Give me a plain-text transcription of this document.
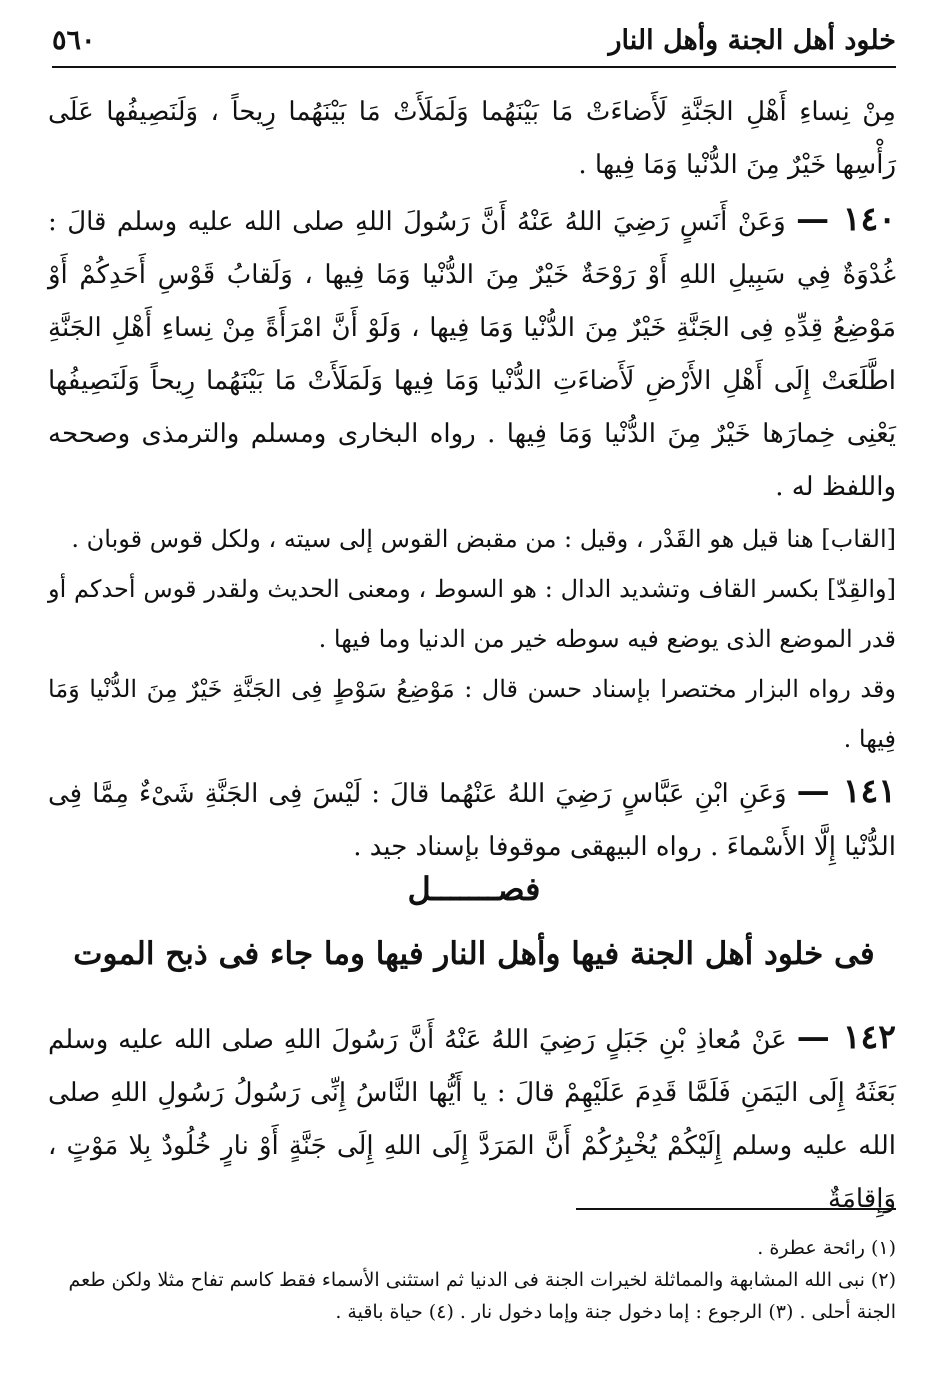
خلود أهل الجنة وأهل النار
٥٦٠

مِنْ نِساءِ أَهْلِ الجَنَّةِ لَأَضاءَتْ مَا بَيْنَهُما وَلَمَلَأَتْ مَا بَيْنَهُما رِيحاً ، وَلَنَصِيفُها عَلَى رَأْسِها خَيْرٌ مِنَ الدُّنْيا وَمَا فِيها .

١٤٠ — وَعَنْ أَنَسٍ رَضِيَ اللهُ عَنْهُ أَنَّ رَسُولَ اللهِ صلى الله عليه وسلم قالَ : غُدْوَةٌ فِي سَبِيلِ اللهِ أَوْ رَوْحَةٌ خَيْرٌ مِنَ الدُّنْيا وَمَا فِيها ، وَلَقابُ قَوْسِ أَحَدِكُمْ أَوْ مَوْضِعُ قِدِّهِ فِى الجَنَّةِ خَيْرٌ مِنَ الدُّنْيا وَمَا فِيها ، وَلَوْ أَنَّ امْرَأَةً مِنْ نِساءِ أَهْلِ الجَنَّةِ اطَّلَعَتْ إِلَى أَهْلِ الأَرْضِ لَأَضاءَتِ الدُّنْيا وَمَا فِيها وَلَمَلَأَتْ مَا بَيْنَهُما رِيحاً وَلَنَصِيفُها يَعْنِى خِمارَها خَيْرٌ مِنَ الدُّنْيا وَمَا فِيها . رواه البخارى ومسلم والترمذى وصححه واللفظ له .

[القاب] هنا قيل هو القَدْر ، وقيل : من مقبض القوس إلى سيته ، ولكل قوس قوبان .

[والقِدّ] بكسر القاف وتشديد الدال : هو السوط ، ومعنى الحديث ولقدر قوس أحدكم أو قدر الموضع الذى يوضع فيه سوطه خير من الدنيا وما فيها .

وقد رواه البزار مختصرا بإسناد حسن قال : مَوْضِعُ سَوْطٍ فِى الجَنَّةِ خَيْرٌ مِنَ الدُّنْيا وَمَا فِيها .

١٤١ — وَعَنِ ابْنِ عَبَّاسٍ رَضِيَ اللهُ عَنْهُما قالَ : لَيْسَ فِى الجَنَّةِ شَىْءٌ مِمَّا فِى الدُّنْيا إِلَّا الأَسْماءَ . رواه البيهقى موقوفا بإسناد جيد .

فصـــــــل
فى خلود أهل الجنة فيها وأهل النار فيها وما جاء فى ذبح الموت

١٤٢ — عَنْ مُعاذِ بْنِ جَبَلٍ رَضِيَ اللهُ عَنْهُ أَنَّ رَسُولَ اللهِ صلى الله عليه وسلم بَعَثَهُ إِلَى اليَمَنِ فَلَمَّا قَدِمَ عَلَيْهِمْ قالَ : يا أَيُّها النَّاسُ إِنِّى رَسُولُ رَسُولِ اللهِ صلى الله عليه وسلم إِلَيْكُمْ يُخْبِرُكُمْ أَنَّ المَرَدَّ إِلَى اللهِ إِلَى جَنَّةٍ أَوْ نارٍ خُلُودٌ بِلا مَوْتٍ ، وَإِقامَةٌ

(١) رائحة عطرة .

(٢) نبى الله المشابهة والمماثلة لخيرات الجنة فى الدنيا ثم استثنى الأسماء فقط كاسم تفاح مثلا ولكن طعم الجنة أحلى . (٣) الرجوع : إما دخول جنة وإما دخول نار . (٤) حياة باقية .
